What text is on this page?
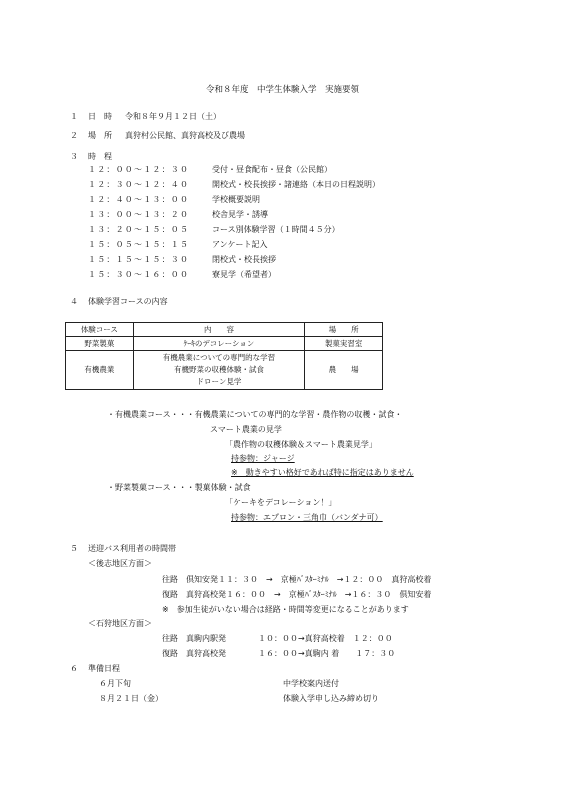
令和８年度　中学生体験入学　実施要領
１ 日　時 令和８年９月１２日（土）
２ 場　所 真狩村公民館、真狩高校及び農場
３ 時　程
１２：００〜１２：３０	受付・昼食配布・昼食（公民館）
１２：３０〜１２：４０	開校式・校長挨拶・諸連絡（本日の日程説明）
１２：４０〜１３：００	学校概要説明
１３：００〜１３：２０	校舎見学・誘導
１３：２０〜１５：０５	コース別体験学習（１時間４５分）
１５：０５〜１５：１５	アンケート記入
１５：１５〜１５：３０	閉校式・校長挨拶
１５：３０〜１６：００	寮見学（希望者）
４ 体験学習コースの内容
体験コース	内　　容	場　　所
野菜製菓	ｹｰｷのデコレーション	製菓実習室
有機農業	有機農業についての専門的な学習
有機野菜の収穫体験・試食
ドローン見学	農　　場
・有機農業コース・・・有機農業についての専門的な学習・農作物の収穫・試食・
スマート農業の見学
「農作物の収穫体験＆スマート農業見学」
持参物：ジャージ
※　動きやすい格好であれば特に指定はありません
・野菜製菓コース・・・製菓体験・試食
「ケーキをデコレーション！」
持参物：エプロン・三角巾（バンダナ可）
５ 送迎バス利用者の時間帯
＜後志地区方面＞
往路　倶知安発１１：３０　→　京極ﾊﾞｽﾀｰﾐﾅﾙ　→１２：００　真狩高校着
復路　真狩高校発１６：００　→　京極ﾊﾞｽﾀｰﾐﾅﾙ　→１６：３０　倶知安着
※　参加生徒がいない場合は経路・時間等変更になることがあります
＜石狩地区方面＞
往路　真駒内駅発　　　　１０：００→真狩高校着　１２：００
復路　真狩高校発　　　　１６：００→真駒内 着　　１７：３０
６ 準備日程
６月下旬	中学校案内送付
８月２１日（金）	体験入学申し込み締め切り
